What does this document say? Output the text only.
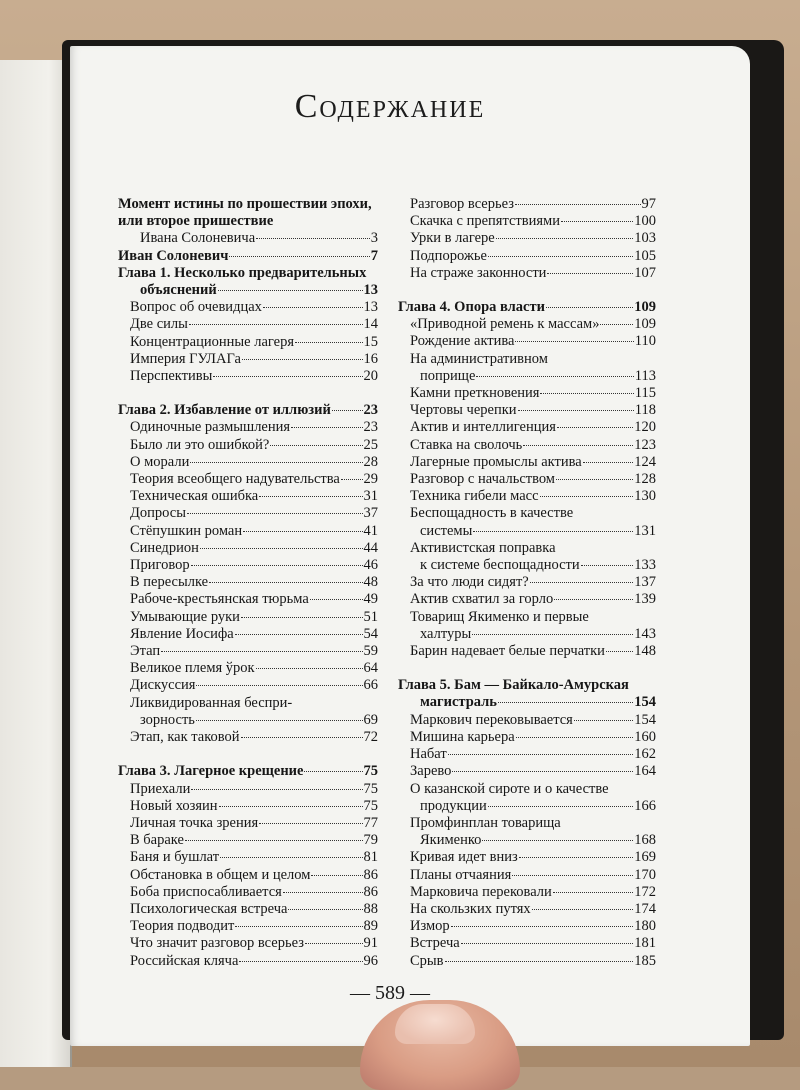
Содержание
Момент истины по прошествии эпохи,
или второе пришествие
Ивана Солоневича	3
Иван Солоневич	7
Глава 1. Несколько предварительных
объяснений	13
Вопрос об очевидцах	13
Две силы	14
Концентрационные лагеря	15
Империя ГУЛАГа	16
Перспективы	20
Глава 2. Избавление от иллюзий 23
Одиночные размышления	23
Было ли это ошибкой?	25
О морали	28
Теория всеобщего надувательства 29
Техническая ошибка	31
Допросы	37
Стёпушкин роман	41
Синедрион	44
Приговор	46
В пересылке	48
Рабоче-крестьянская тюрьма	49
Умывающие руки	51
Явление Иосифа	54
Этап	59
Великое племя ўрок	64
Дискуссия	66
Ликвидированная беспри-
зорность	69
Этап, как таковой	72
Глава 3. Лагерное крещение	75
Приехали	75
Новый хозяин	75
Личная точка зрения	77
В бараке	79
Баня и бушлат	81
Обстановка в общем и целом	86
Боба приспосабливается	86
Психологическая встреча	88
Теория подводит	89
Что значит разговор всерьез	91
Российская кляча	96
Разговор всерьез	97
Скачка с препятствиями	100
Урки в лагере	103
Подпорожье	105
На страже законности	107
Глава 4. Опора власти	109
«Приводной ремень к массам» 109
Рождение актива	110
На административном
поприще	113
Камни преткновения	115
Чертовы черепки	118
Актив и интеллигенция	120
Ставка на сволочь	123
Лагерные промыслы актива	124
Разговор с начальством	128
Техника гибели масс	130
Беспощадность в качестве
системы	131
Активистская поправка
к системе беспощадности	133
За что люди сидят?	137
Актив схватил за горло	139
Товарищ Якименко и первые
халтуры	143
Барин надевает белые перчатки 148
Глава 5. Бам — Байкало-Амурская
магистраль	154
Маркович перековывается	154
Мишина карьера	160
Набат	162
Зарево	164
О казанской сироте и о качестве
продукции	166
Промфинплан товарища
Якименко	168
Кривая идет вниз	169
Планы отчаяния	170
Марковича перековали	172
На скользких путях	174
Измор	180
Встреча	181
Срыв	185
— 589 —
